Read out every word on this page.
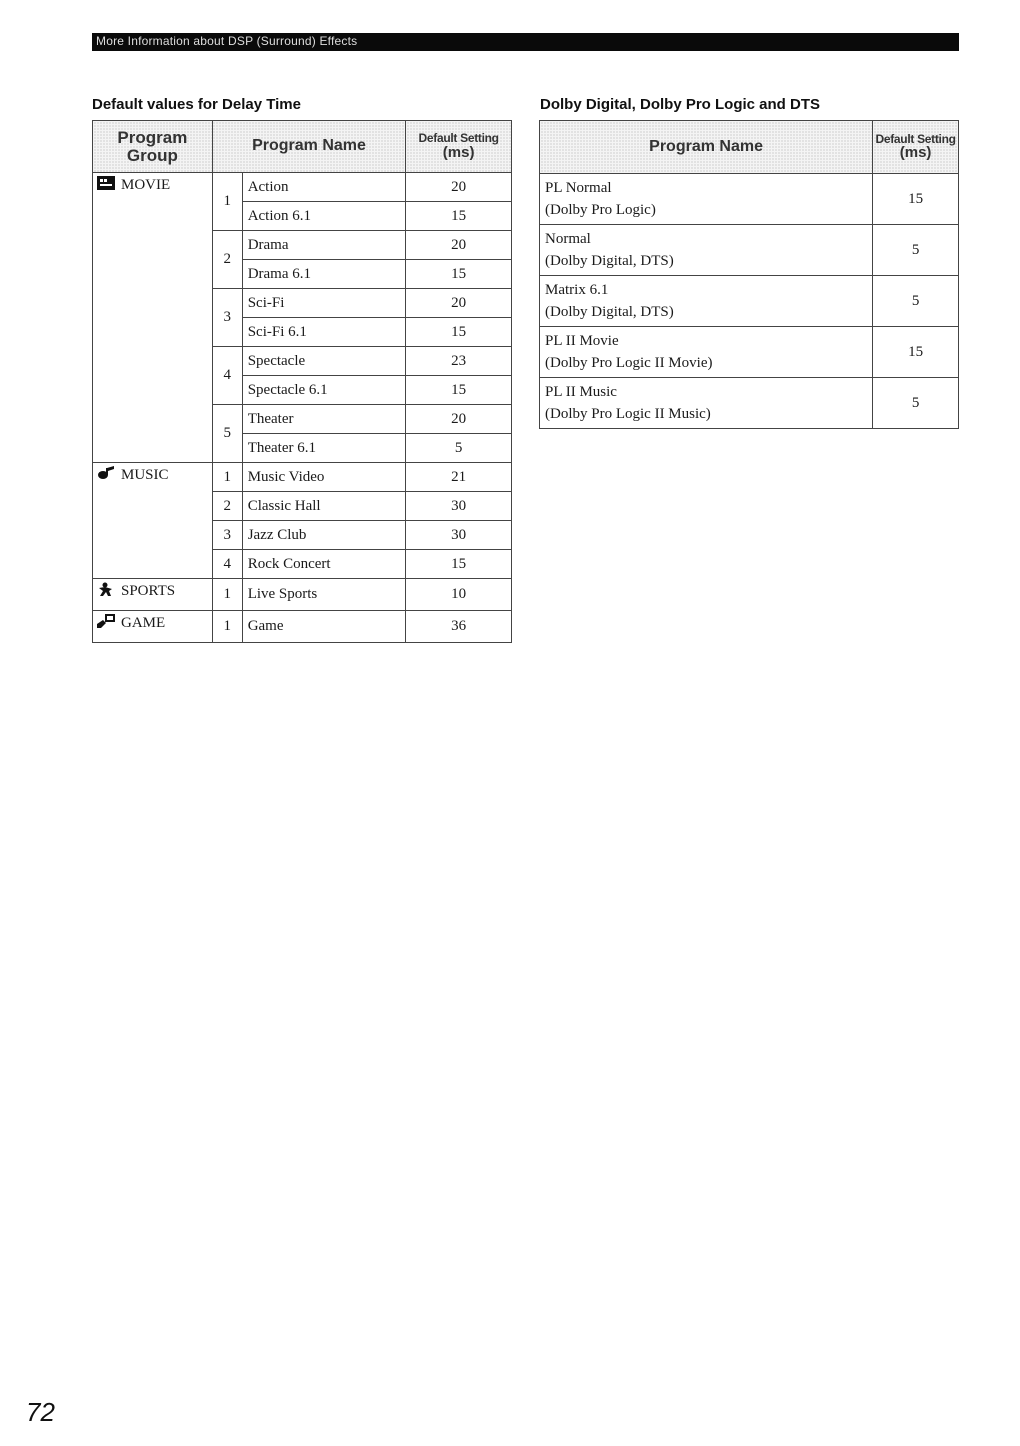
More Information about DSP (Surround) Effects
Default values for Delay Time	Dolby Digital, Dolby Pro Logic and DTS
Program
Group	Program Name		Default Setting
(ms)

MOVIE	1	Action	20
		Action 6.1	15
	2	Drama	20
		Drama 6.1	15
	3	Sci-Fi	20
		Sci-Fi 6.1	15
	4	Spectacle	23
		Spectacle 6.1	15
	5	Theater	20
		Theater 6.1	5
MUSIC	1	Music Video	21
	2	Classic Hall	30
	3	Jazz Club	30
	4	Rock Concert	15
SPORTS	1	Live Sports	10
GAME	1	Game	36
Program Name	Default Setting
(ms)

PL Normal
(Dolby Pro Logic)	15

Normal
(Dolby Digital, DTS)	5

Matrix 6.1
(Dolby Digital, DTS)	5

PL II Movie
(Dolby Pro Logic II Movie)	15

PL II Music
(Dolby Pro Logic II Music)	5
72
